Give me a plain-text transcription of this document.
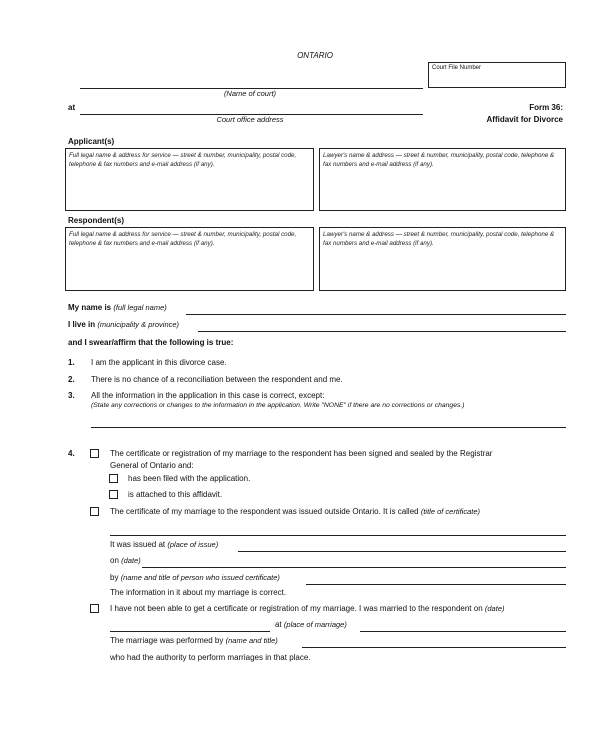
ONTARIO
Court File Number
(Name of court)
at
Court office address
Form 36:
Affidavit for Divorce
Applicant(s)
Full legal name & address for service — street & number, municipality, postal code, telephone & fax numbers and e-mail address (if any).
Lawyer's name & address — street & number, municipality, postal code, telephone & fax numbers and e-mail address (if any).
Respondent(s)
Full legal name & address for service — street & number, municipality, postal code, telephone & fax numbers and e-mail address (if any).
Lawyer's name & address — street & number, municipality, postal code, telephone & fax numbers and e-mail address (if any).
My name is (full legal name)
I live in (municipality & province)
and I swear/affirm that the following is true:
1. I am the applicant in this divorce case.
2. There is no chance of a reconciliation between the respondent and me.
3. All the information in the application in this case is correct, except:
(State any corrections or changes to the information in the application. Write "NONE" if there are no corrections or changes.)
4.	The certificate or registration of my marriage to the respondent has been signed and sealed by the Registrar
General of Ontario and:
has been filed with the application.
is attached to this affidavit.
The certificate of my marriage to the respondent was issued outside Ontario. It is called (title of certificate)
It was issued at (place of issue)
on (date)
by (name and title of person who issued certificate)
The information in it about my marriage is correct.
I have not been able to get a certificate or registration of my marriage. I was married to the respondent on (date)
at (place of marriage)
The marriage was performed by (name and title)
who had the authority to perform marriages in that place.
